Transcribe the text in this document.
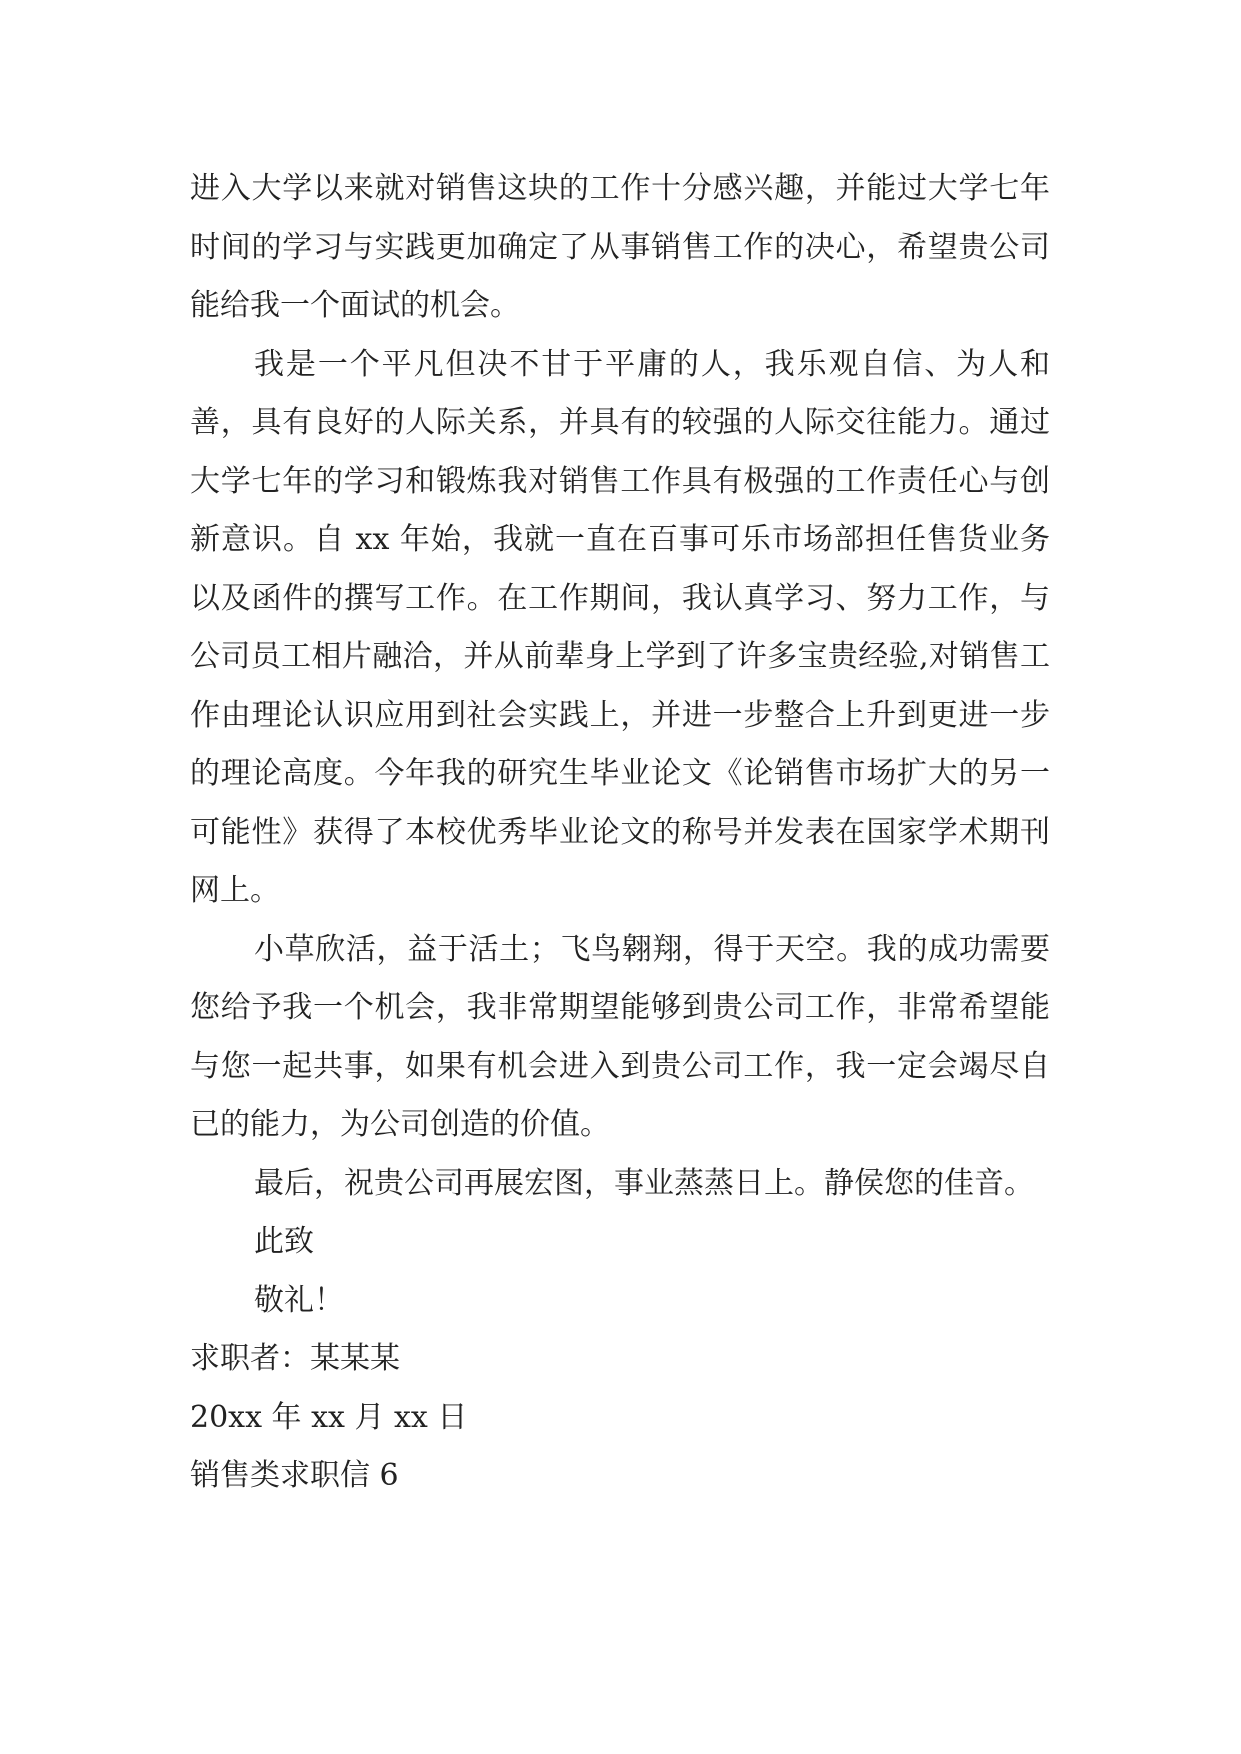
进入大学以来就对销售这块的工作十分感兴趣，并能过大学七年时间的学习与实践更加确定了从事销售工作的决心，希望贵公司能给我一个面试的机会。

我是一个平凡但决不甘于平庸的人，我乐观自信、为人和善，具有良好的人际关系，并具有的较强的人际交往能力。通过大学七年的学习和锻炼我对销售工作具有极强的工作责任心与创新意识。自 xx 年始，我就一直在百事可乐市场部担任售货业务以及函件的撰写工作。在工作期间，我认真学习、努力工作，与公司员工相片融洽，并从前辈身上学到了许多宝贵经验,对销售工作由理论认识应用到社会实践上，并进一步整合上升到更进一步的理论高度。今年我的研究生毕业论文《论销售市场扩大的另一可能性》获得了本校优秀毕业论文的称号并发表在国家学术期刊网上。

小草欣活，益于活土；飞鸟翱翔，得于天空。我的成功需要您给予我一个机会，我非常期望能够到贵公司工作，非常希望能与您一起共事，如果有机会进入到贵公司工作，我一定会竭尽自已的能力，为公司创造的价值。

最后，祝贵公司再展宏图，事业蒸蒸日上。静侯您的佳音。

此致

敬礼！

求职者：某某某

20xx 年 xx 月 xx 日

销售类求职信 6
